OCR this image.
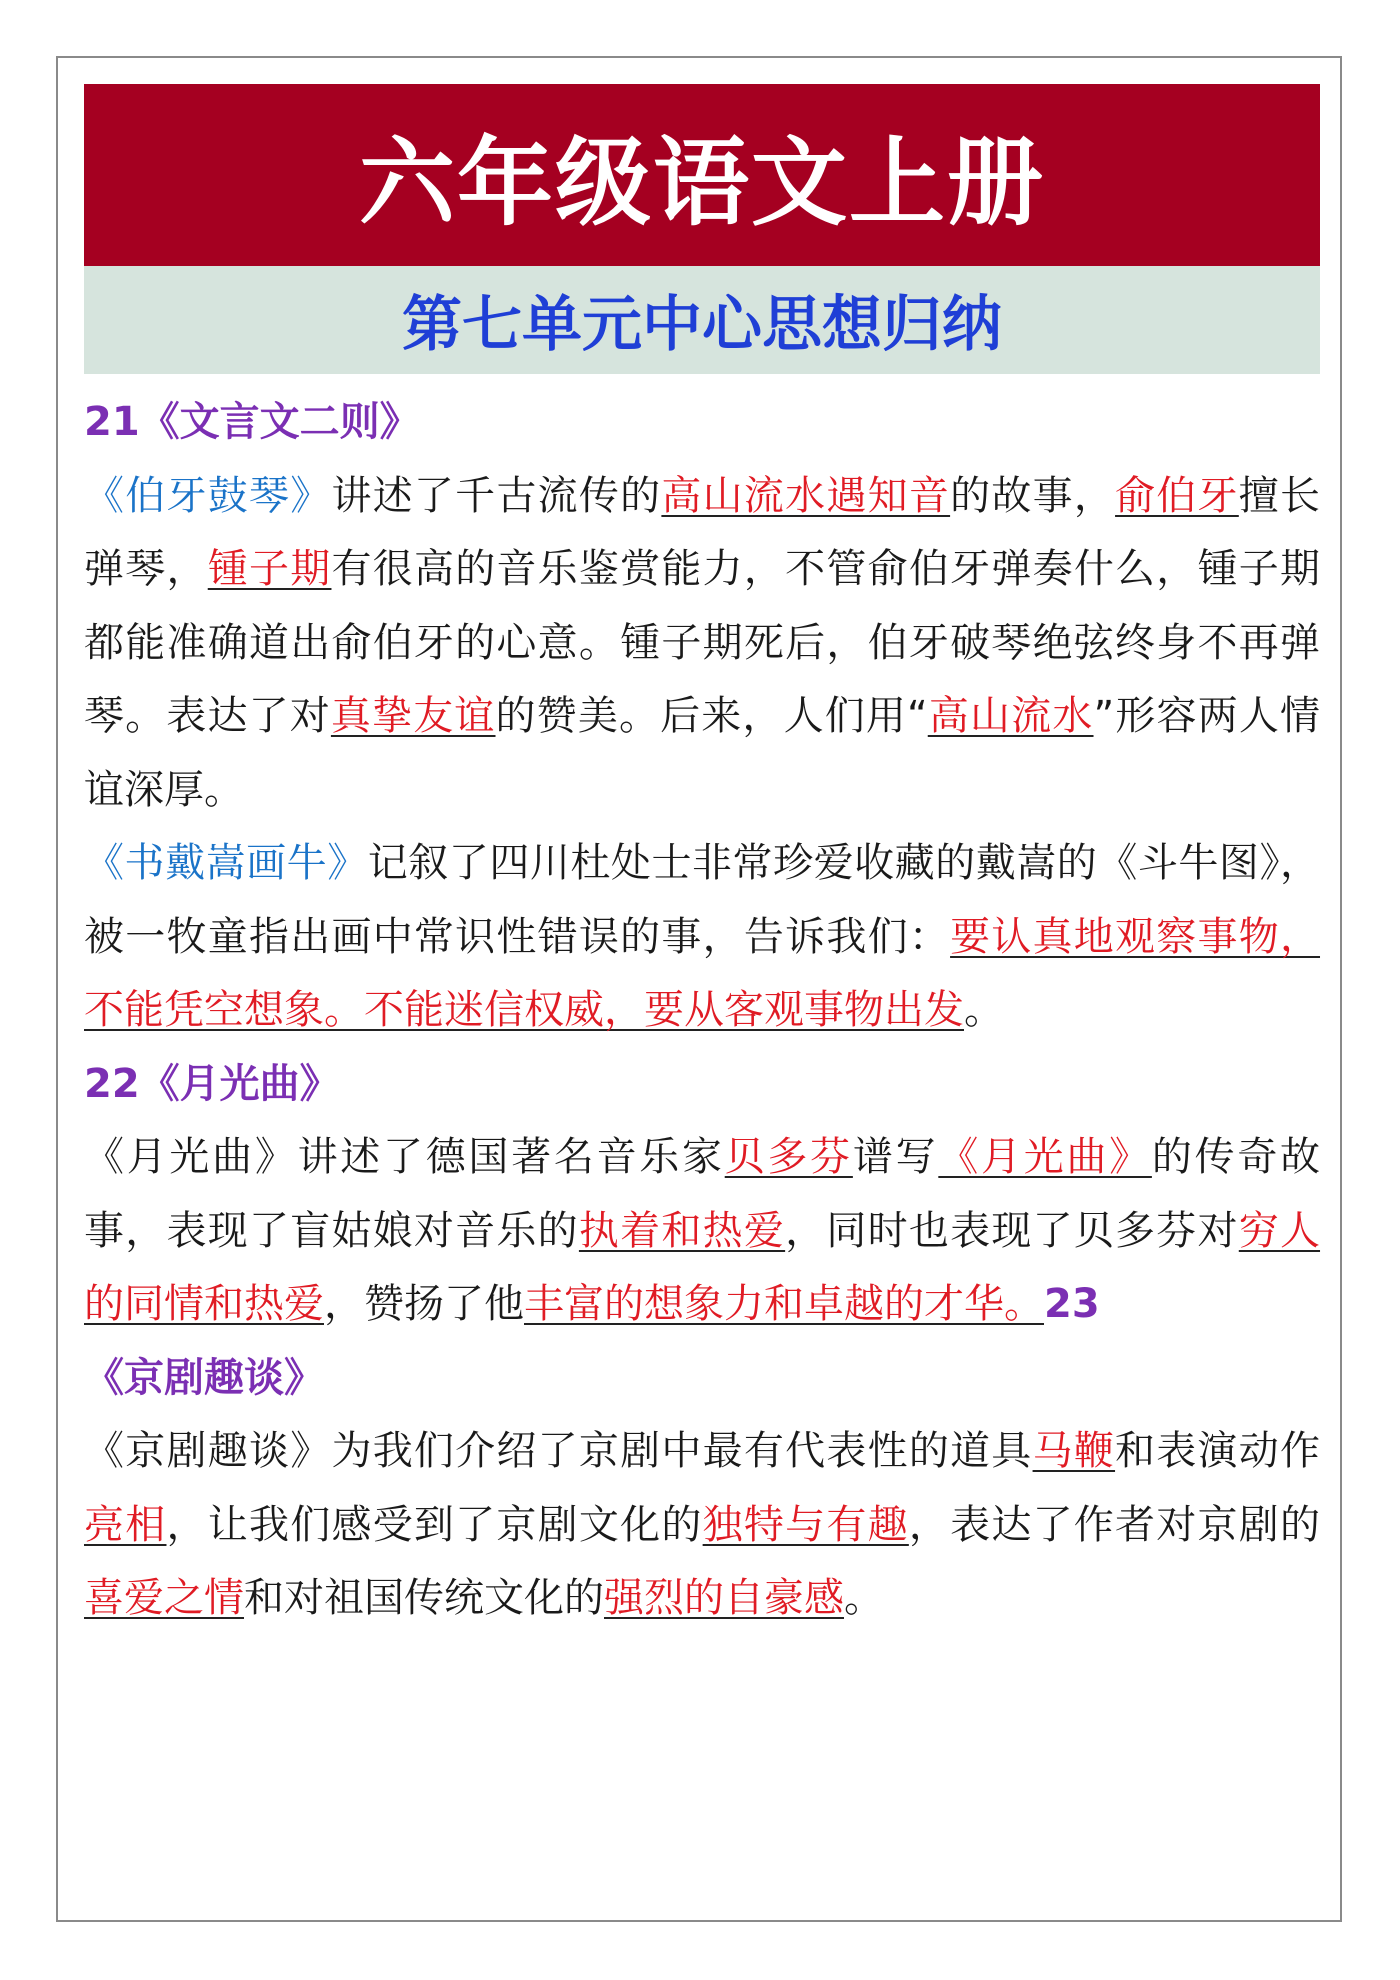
六年级语文上册
第七单元中心思想归纳

21《文言文二则》

《伯牙鼓琴》讲述了千古流传的高山流水遇知音的故事，俞伯牙擅长弹琴，锺子期有很高的音乐鉴赏能力，不管俞伯牙弹奏什么，锺子期都能准确道出俞伯牙的心意。锺子期死后，伯牙破琴绝弦终身不再弹琴。表达了对真挚友谊的赞美。后来，人们用“高山流水”形容两人情谊深厚。

《书戴嵩画牛》记叙了四川杜处士非常珍爱收藏的戴嵩的《斗牛图》，被一牧童指出画中常识性错误的事，告诉我们：要认真地观察事物，不能凭空想象。不能迷信权威，要从客观事物出发。

22《月光曲》

《月光曲》讲述了德国著名音乐家贝多芬谱写《月光曲》的传奇故事，表现了盲姑娘对音乐的执着和热爱，同时也表现了贝多芬对穷人的同情和热爱，赞扬了他丰富的想象力和卓越的才华。23

《京剧趣谈》

《京剧趣谈》为我们介绍了京剧中最有代表性的道具马鞭和表演动作亮相，让我们感受到了京剧文化的独特与有趣，表达了作者对京剧的喜爱之情和对祖国传统文化的强烈的自豪感。
